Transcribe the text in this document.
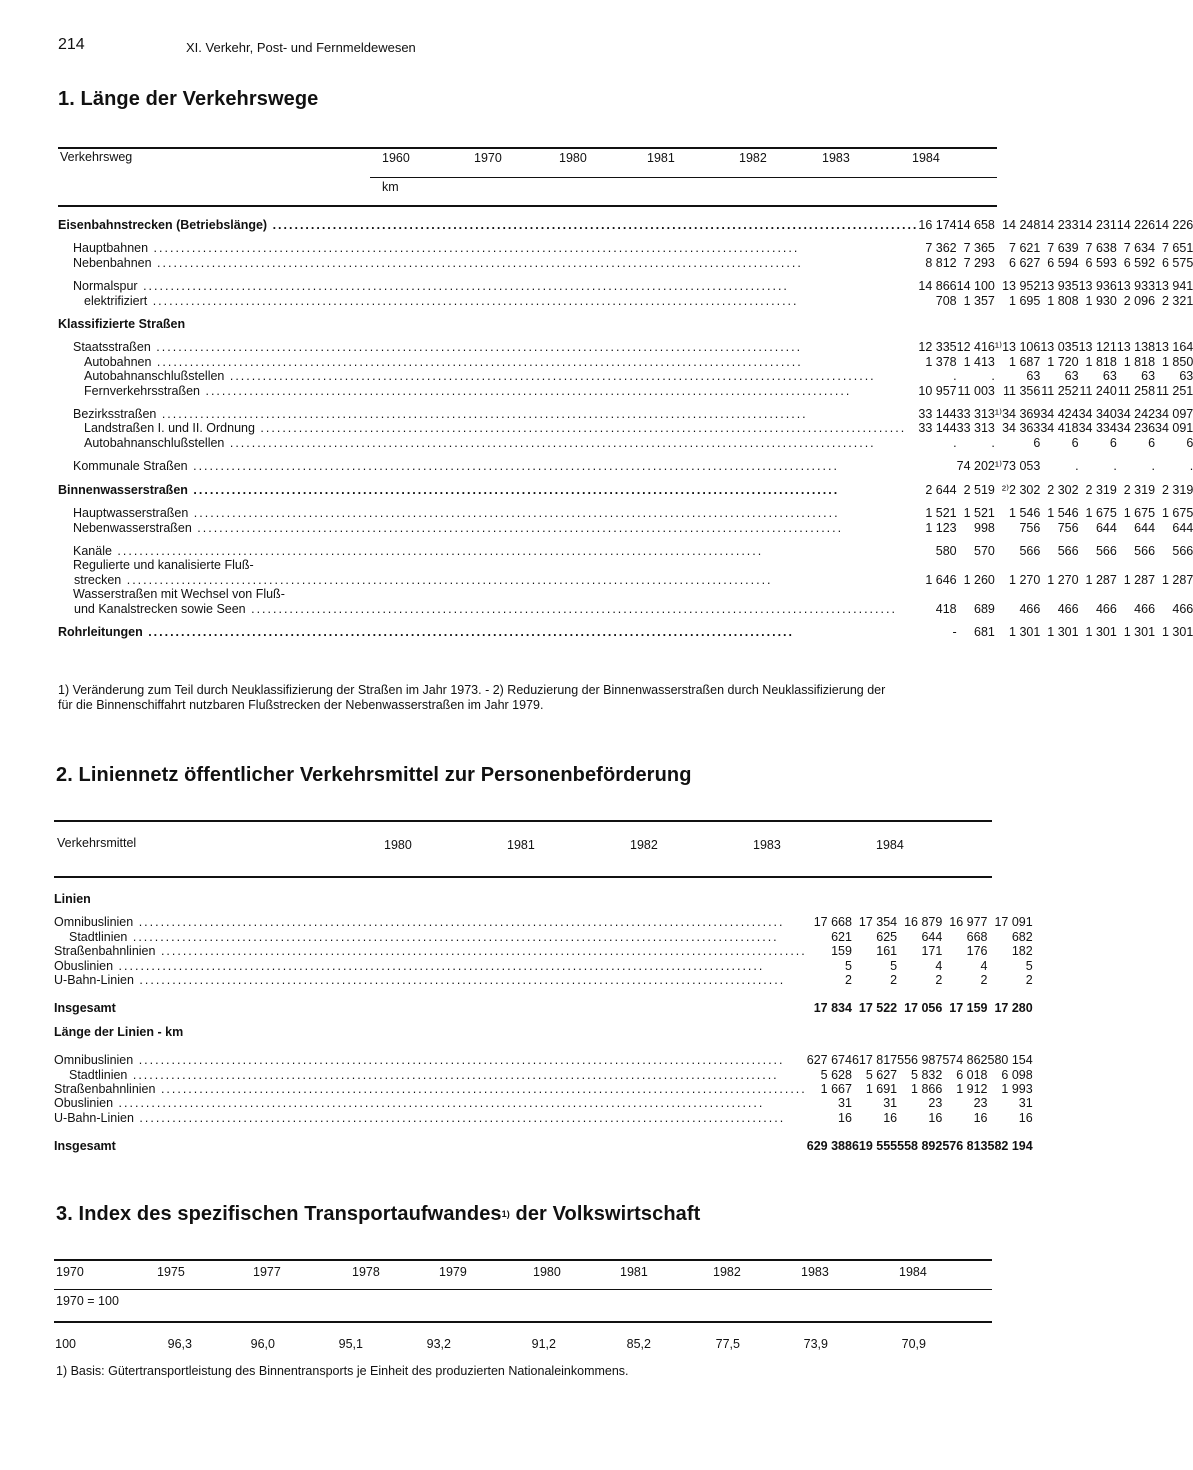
214	XI. Verkehr, Post- und Fernmeldewesen
1. Länge der Verkehrswege
Verkehrsweg	1960	1970	1980	1981	1982	1983	1984
km
Eisenbahnstrecken (Betriebslänge) .....	16 174	14 658	14 248	14 233	14 231	14 226	14 226

Hauptbahnen .....	7 362	7 365	7 621	7 639	7 638	7 634	7 651
Nebenbahnen .....	8 812	7 293	6 627	6 594	6 593	6 592	6 575

Normalspur .....	14 866	14 100	13 952	13 935	13 936	13 933	13 941
elektrifiziert .....	708	1 357	1 695	1 808	1 930	2 096	2 321

Klassifizierte Straßen							

Staatsstraßen .....	12 335	12 416	¹⁾13 106	13 035	13 121	13 138	13 164
Autobahnen .....	1 378	1 413	1 687	1 720	1 818	1 818	1 850
Autobahnanschlußstellen .....	.	.	63	63	63	63	63
Fernverkehrsstraßen .....	10 957	11 003	11 356	11 252	11 240	11 258	11 251

Bezirksstraßen .....	33 144	33 313	¹⁾34 369	34 424	34 340	34 242	34 097
Landstraßen I. und II. Ordnung .....	33 144	33 313	34 363	34 418	34 334	34 236	34 091
Autobahnanschlußstellen .....	.	.	6	6	6	6	6

Kommunale Straßen .....		74 202	¹⁾73 053	.	.	.	.

Binnenwasserstraßen .....	2 644	2 519	²⁾2 302	2 302	2 319	2 319	2 319

Hauptwasserstraßen .....	1 521	1 521	1 546	1 546	1 675	1 675	1 675
Nebenwasserstraßen .....	1 123	998	756	756	644	644	644

Kanäle .....	580	570	566	566	566	566	566
Regulierte und kanalisierte Fluß-							
strecken .....	1 646	1 260	1 270	1 270	1 287	1 287	1 287
Wasserstraßen mit Wechsel von Fluß-							
und Kanalstrecken sowie Seen .....	418	689	466	466	466	466	466

Rohrleitungen .....	-	681	1 301	1 301	1 301	1 301	1 301
1) Veränderung zum Teil durch Neuklassifizierung der Straßen im Jahr 1973. - 2) Reduzierung der Binnenwasserstraßen durch Neuklassifizierung der
für die Binnenschiffahrt nutzbaren Flußstrecken der Nebenwasserstraßen im Jahr 1979.
2. Liniennetz öffentlicher Verkehrsmittel zur Personenbeförderung
Verkehrsmittel	1980	1981	1982	1983	1984
Linien					

Omnibuslinien .....	17 668	17 354	16 879	16 977	17 091
Stadtlinien .....	621	625	644	668	682
Straßenbahnlinien .....	159	161	171	176	182
Obuslinien .....	5	5	4	4	5
U-Bahn-Linien .....	2	2	2	2	2

Insgesamt	17 834	17 522	17 056	17 159	17 280

Länge der Linien - km					

Omnibuslinien .....	627 674	617 817	556 987	574 862	580 154
Stadtlinien .....	5 628	5 627	5 832	6 018	6 098
Straßenbahnlinien .....	1 667	1 691	1 866	1 912	1 993
Obuslinien .....	31	31	23	23	31
U-Bahn-Linien .....	16	16	16	16	16

Insgesamt	629 388	619 555	558 892	576 813	582 194
3. Index des spezifischen Transportaufwandes1) der Volkswirtschaft
1970	1975	1977	1978	1979	1980	1981	1982	1983	1984
1970 = 100
100	96,3	96,0	95,1	93,2	91,2	85,2	77,5	73,9	70,9
1) Basis: Gütertransportleistung des Binnentransports je Einheit des produzierten Nationaleinkommens.
